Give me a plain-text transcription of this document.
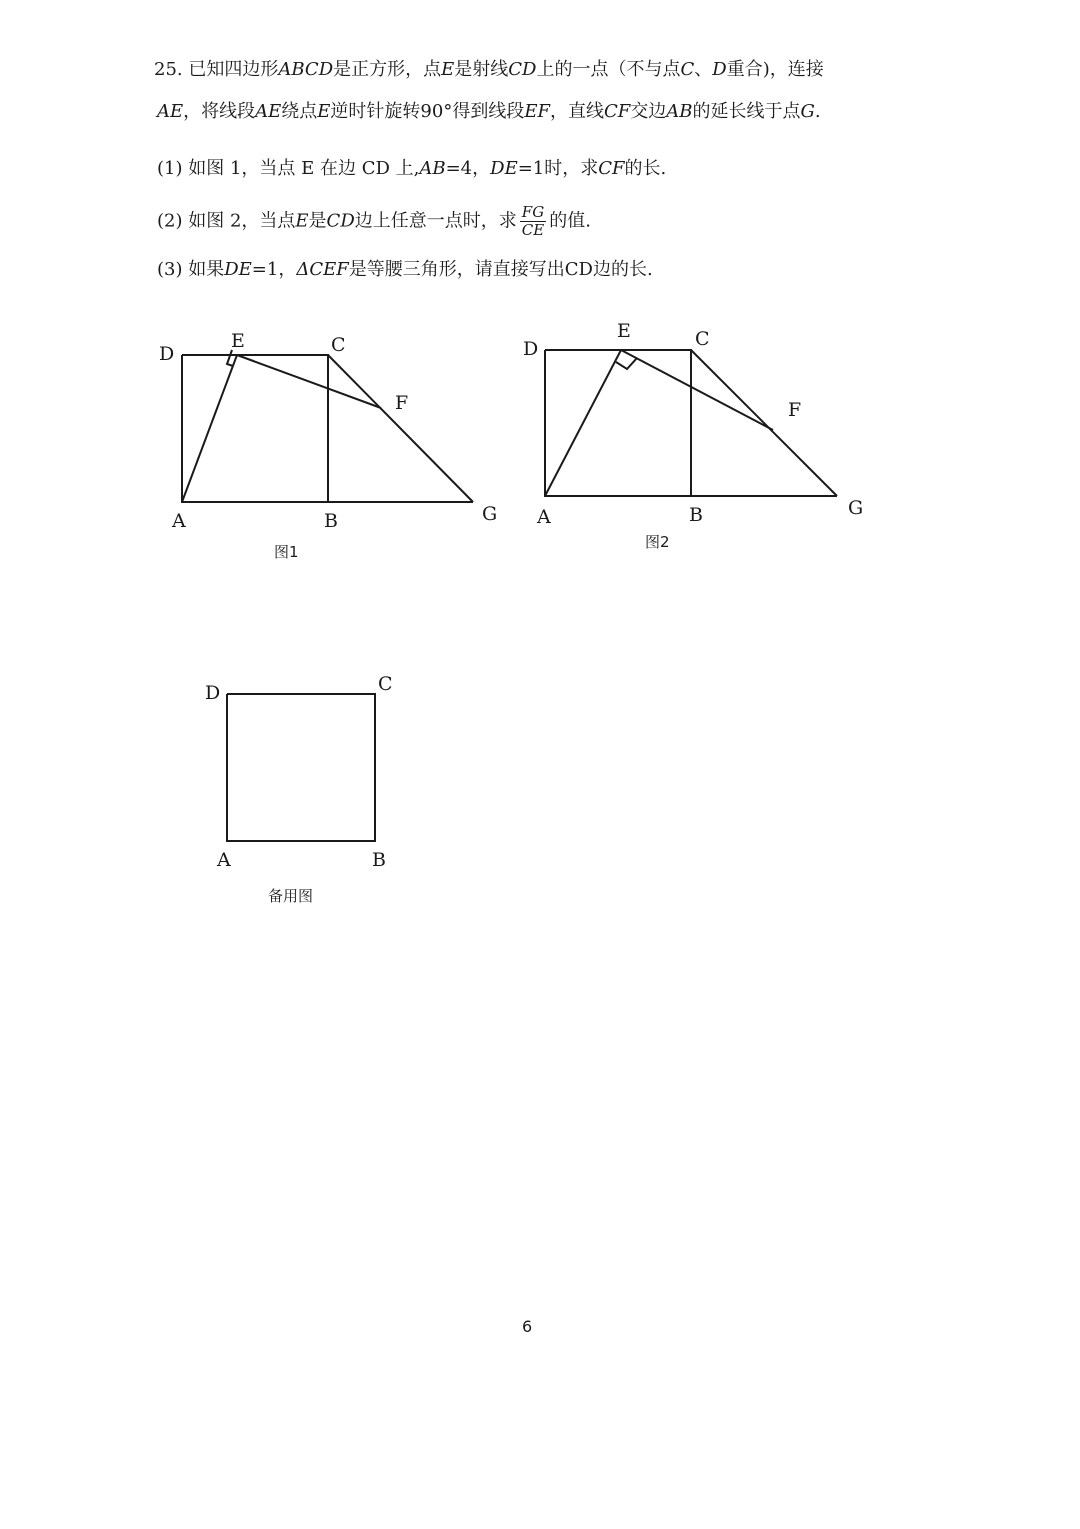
25. 已知四边形ABCD是正方形，点E是射线CD上的一点（不与点C、D重合)，连接
AE，将线段AE绕点E逆时针旋转90°得到线段EF，直线CF交边AB的延长线于点G.
(1) 如图 1，当点 E 在边 CD 上,AB=4，DE=1时，求CF的长.
(2) 如图 2，当点E是CD边上任意一点时，求 $\frac{FG}{CE}$ 的值.
(3) 如果DE=1，ΔCEF是等腰三角形，请直接写出CD边的长.
D
E	C
F
A	B	G
图1
D
E	C
F
A	B	G
图2
D	C
A	B
备用图
6
